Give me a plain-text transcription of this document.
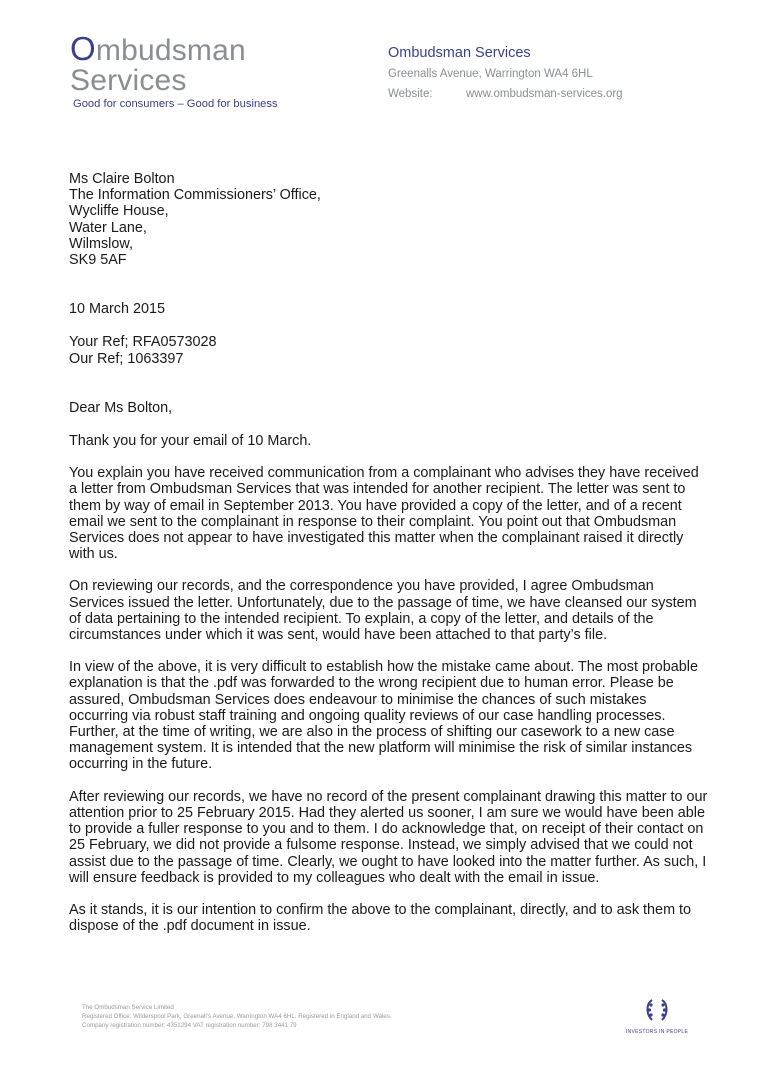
Ombudsman
Services
Good for consumers – Good for business
Ombudsman Services
Greenalls Avenue, Warrington WA4 6HL
Website:	www.ombudsman-services.org
Ms Claire Bolton
The Information Commissioners’ Office,
Wycliffe House,
Water Lane,
Wilmslow,
SK9 5AF
10 March 2015
Your Ref; RFA0573028
Our Ref; 1063397
Dear Ms Bolton,

Thank you for your email of 10 March.

You explain you have received communication from a complainant who advises they have received a letter from Ombudsman Services that was intended for another recipient. The letter was sent to them by way of email in September 2013. You have provided a copy of the letter, and of a recent email we sent to the complainant in response to their complaint. You point out that Ombudsman Services does not appear to have investigated this matter when the complainant raised it directly with us.

On reviewing our records, and the correspondence you have provided, I agree Ombudsman Services issued the letter. Unfortunately, due to the passage of time, we have cleansed our system of data pertaining to the intended recipient. To explain, a copy of the letter, and details of the circumstances under which it was sent, would have been attached to that party’s file.

In view of the above, it is very difficult to establish how the mistake came about. The most probable explanation is that the .pdf was forwarded to the wrong recipient due to human error. Please be assured, Ombudsman Services does endeavour to minimise the chances of such mistakes occurring via robust staff training and ongoing quality reviews of our case handling processes. Further, at the time of writing, we are also in the process of shifting our casework to a new case management system. It is intended that the new platform will minimise the risk of similar instances occurring in the future.

After reviewing our records, we have no record of the present complainant drawing this matter to our attention prior to 25 February 2015. Had they alerted us sooner, I am sure we would have been able to provide a fuller response to you and to them. I do acknowledge that, on receipt of their contact on 25 February, we did not provide a fulsome response. Instead, we simply advised that we could not assist due to the passage of time. Clearly, we ought to have looked into the matter further. As such, I will ensure feedback is provided to my colleagues who dealt with the email in issue.

As it stands, it is our intention to confirm the above to the complainant, directly, and to ask them to dispose of the .pdf document in issue.

The Ombudsman Service Limited
Registered Office: Wilderspool Park, Greenall’s Avenue, Warrington WA4 6HL. Registered in England and Wales.
Company registration number: 4351294 VAT registration number: 798 3441 79
INVESTORS IN PEOPLE
